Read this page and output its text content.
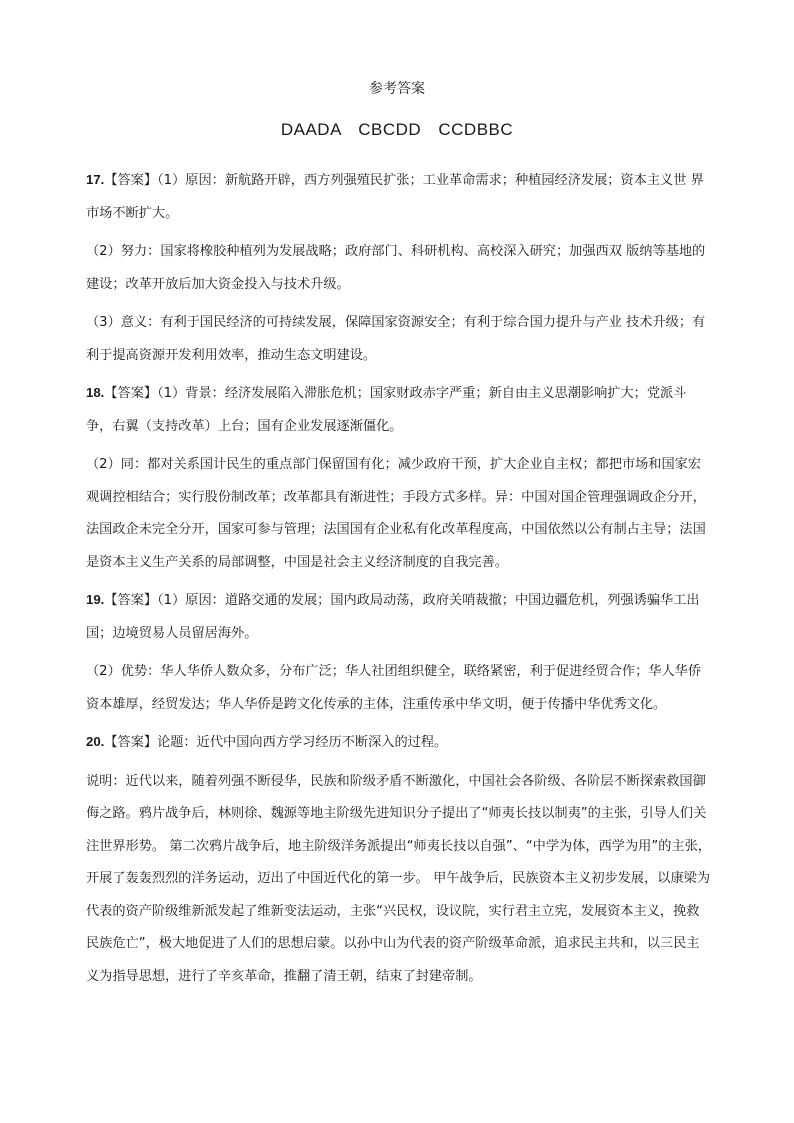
参考答案
DAADA CBCDD CCDBBC

17.【答案】（1）原因：新航路开辟，西方列强殖民扩张；工业革命需求；种植园经济发展；资本主义世 界市场不断扩大。

（2）努力：国家将橡胶种植列为发展战略；政府部门、科研机构、高校深入研究；加强西双 版纳等基地的建设；改革开放后加大资金投入与技术升级。

（3）意义：有利于国民经济的可持续发展，保障国家资源安全；有利于综合国力提升与产业 技术升级；有利于提高资源开发利用效率，推动生态文明建设。

18.【答案】（1）背景：经济发展陷入滞胀危机；国家财政赤字严重；新自由主义思潮影响扩大；党派斗争，右翼（支持改革）上台；国有企业发展逐渐僵化。

（2）同：都对关系国计民生的重点部门保留国有化；减少政府干预，扩大企业自主权；都把市场和国家宏观调控相结合；实行股份制改革；改革都具有渐进性；手段方式多样。异：中国对国企管理强调政企分开，法国政企未完全分开，国家可参与管理；法国国有企业私有化改革程度高，中国依然以公有制占主导；法国是资本主义生产关系的局部调整，中国是社会主义经济制度的自我完善。

19.【答案】（1）原因：道路交通的发展；国内政局动荡，政府关哨裁撤；中国边疆危机，列强诱骗华工出国；边境贸易人员留居海外。

（2）优势：华人华侨人数众多，分布广泛；华人社团组织健全，联络紧密，利于促进经贸合作；华人华侨资本雄厚，经贸发达；华人华侨是跨文化传承的主体，注重传承中华文明，便于传播中华优秀文化。

20.【答案】论题：近代中国向西方学习经历不断深入的过程。

说明：近代以来，随着列强不断侵华，民族和阶级矛盾不断激化，中国社会各阶级、各阶层不断探索救国御侮之路。鸦片战争后，林则徐、魏源等地主阶级先进知识分子提出了“师夷长技以制夷”的主张，引导人们关注世界形势。 第二次鸦片战争后，地主阶级洋务派提出“师夷长技以自强”、“中学为体，西学为用”的主张，开展了轰轰烈烈的洋务运动，迈出了中国近代化的第一步。 甲午战争后，民族资本主义初步发展，以康梁为代表的资产阶级维新派发起了维新变法运动，主张“兴民权，设议院，实行君主立宪，发展资本主义，挽救民族危亡”，极大地促进了人们的思想启蒙。以孙中山为代表的资产阶级革命派，追求民主共和，以三民主义为指导思想，进行了辛亥革命，推翻了清王朝，结束了封建帝制。
